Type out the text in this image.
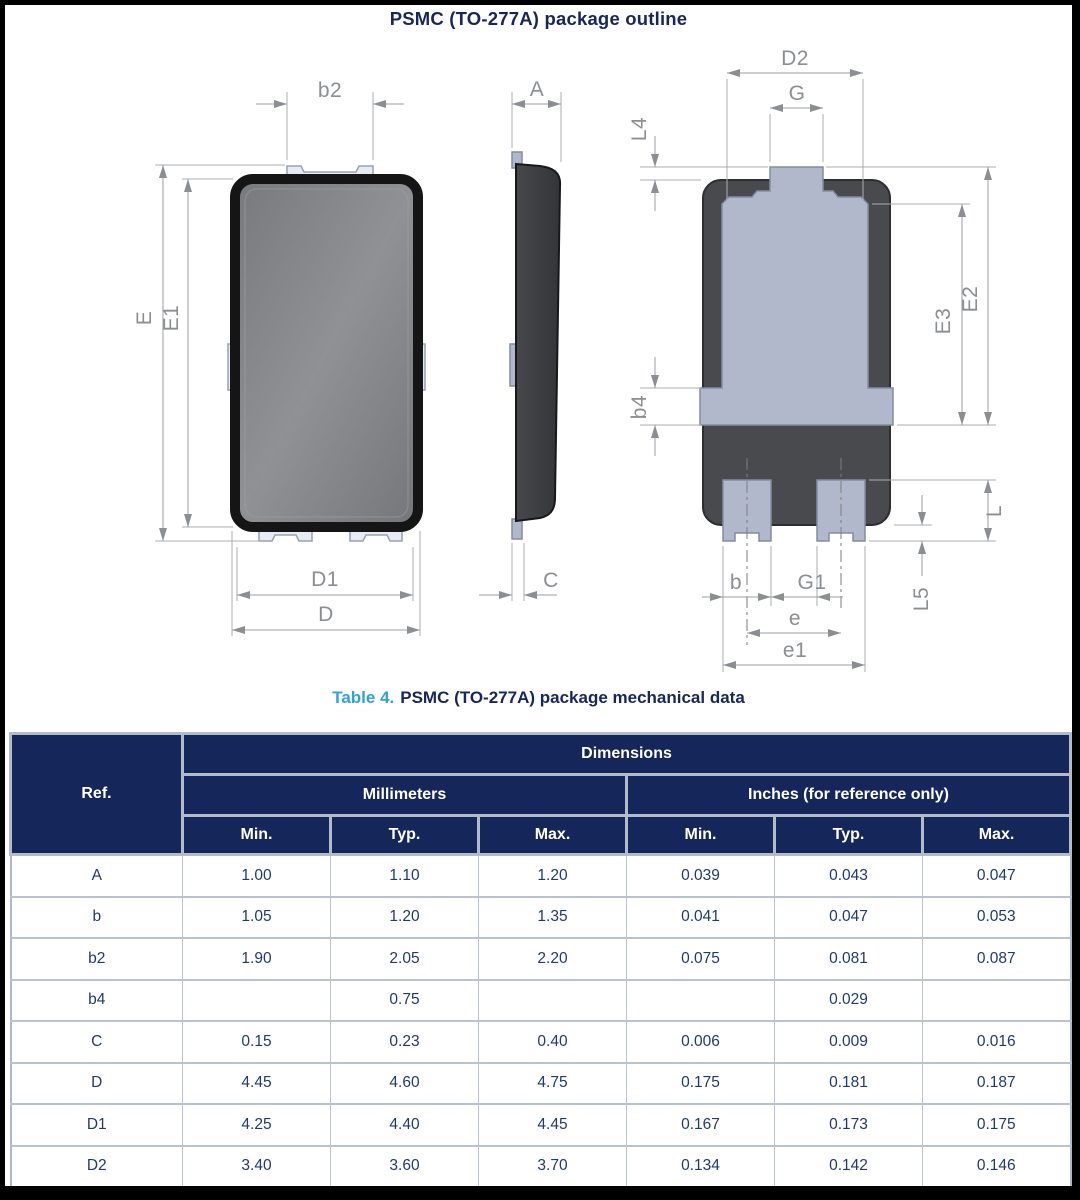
PSMC (TO-277A) package outline
b2
E E1
D1
D
A
C
D2
G
L4
E2
E3
b4
b	G1
e
e1
L
L5
Table 4. PSMC (TO-277A) package mechanical data
Ref.	Dimensions					
	Millimeters			Inches (for reference only)		
	Min.	Typ.	Max.	Min.	Typ.	Max.
A	1.00	1.10	1.20	0.039	0.043	0.047
b	1.05	1.20	1.35	0.041	0.047	0.053
b2	1.90	2.05	2.20	0.075	0.081	0.087
b4		0.75			0.029	
C	0.15	0.23	0.40	0.006	0.009	0.016
D	4.45	4.60	4.75	0.175	0.181	0.187
D1	4.25	4.40	4.45	0.167	0.173	0.175
D2	3.40	3.60	3.70	0.134	0.142	0.146
